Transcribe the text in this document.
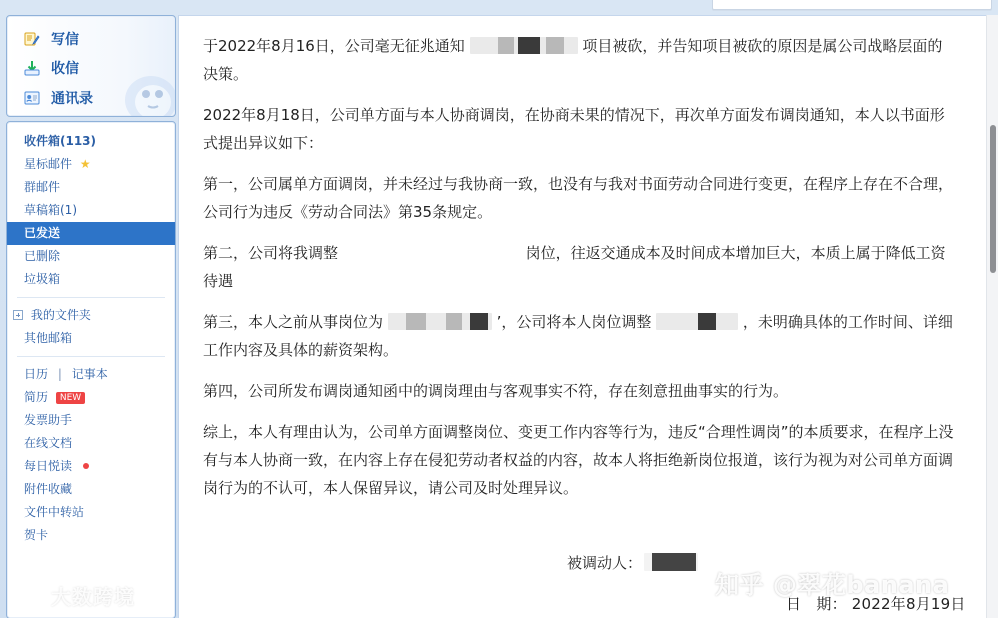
写信
收信
通讯录
收件箱(113)
星标邮件 ★
群邮件
草稿箱(1)
已发送
已删除
垃圾箱
我的文件夹
其他邮箱
日历 | 记事本
简历 NEW
发票助手
在线文档
每日悦读
附件收藏
文件中转站
贺卡
大数跨境

于2022年8月16日，公司毫无征兆通知	项目被砍，并告知项目被砍的原因是属公司战略层面的决策。

2022年8月18日，公司单方面与本人协商调岗，在协商未果的情况下，再次单方面发布调岗通知，本人以书面形式提出异议如下：

第一，公司属单方面调岗，并未经过与我协商一致，也没有与我对书面劳动合同进行变更，在程序上存在不合理，公司行为违反《劳动合同法》第35条规定。

第二，公司将我调整	岗位，往返交通成本及时间成本增加巨大，本质上属于降低工资待遇

第三，本人之前从事岗位为	’，公司将本人岗位调整	，未明确具体的工作时间、详细工作内容及具体的薪资架构。

第四，公司所发布调岗通知函中的调岗理由与客观事实不符，存在刻意扭曲事实的行为。

综上，本人有理由认为，公司单方面调整岗位、变更工作内容等行为，违反“合理性调岗”的本质要求，在程序上没有与本人协商一致，在内容上存在侵犯劳动者权益的内容，故本人将拒绝新岗位报道，该行为视为对公司单方面调岗行为的不认可，本人保留异议，请公司及时处理异议。

被调动人：
日　期： 2022年8月19日
知乎 @翠花banana
